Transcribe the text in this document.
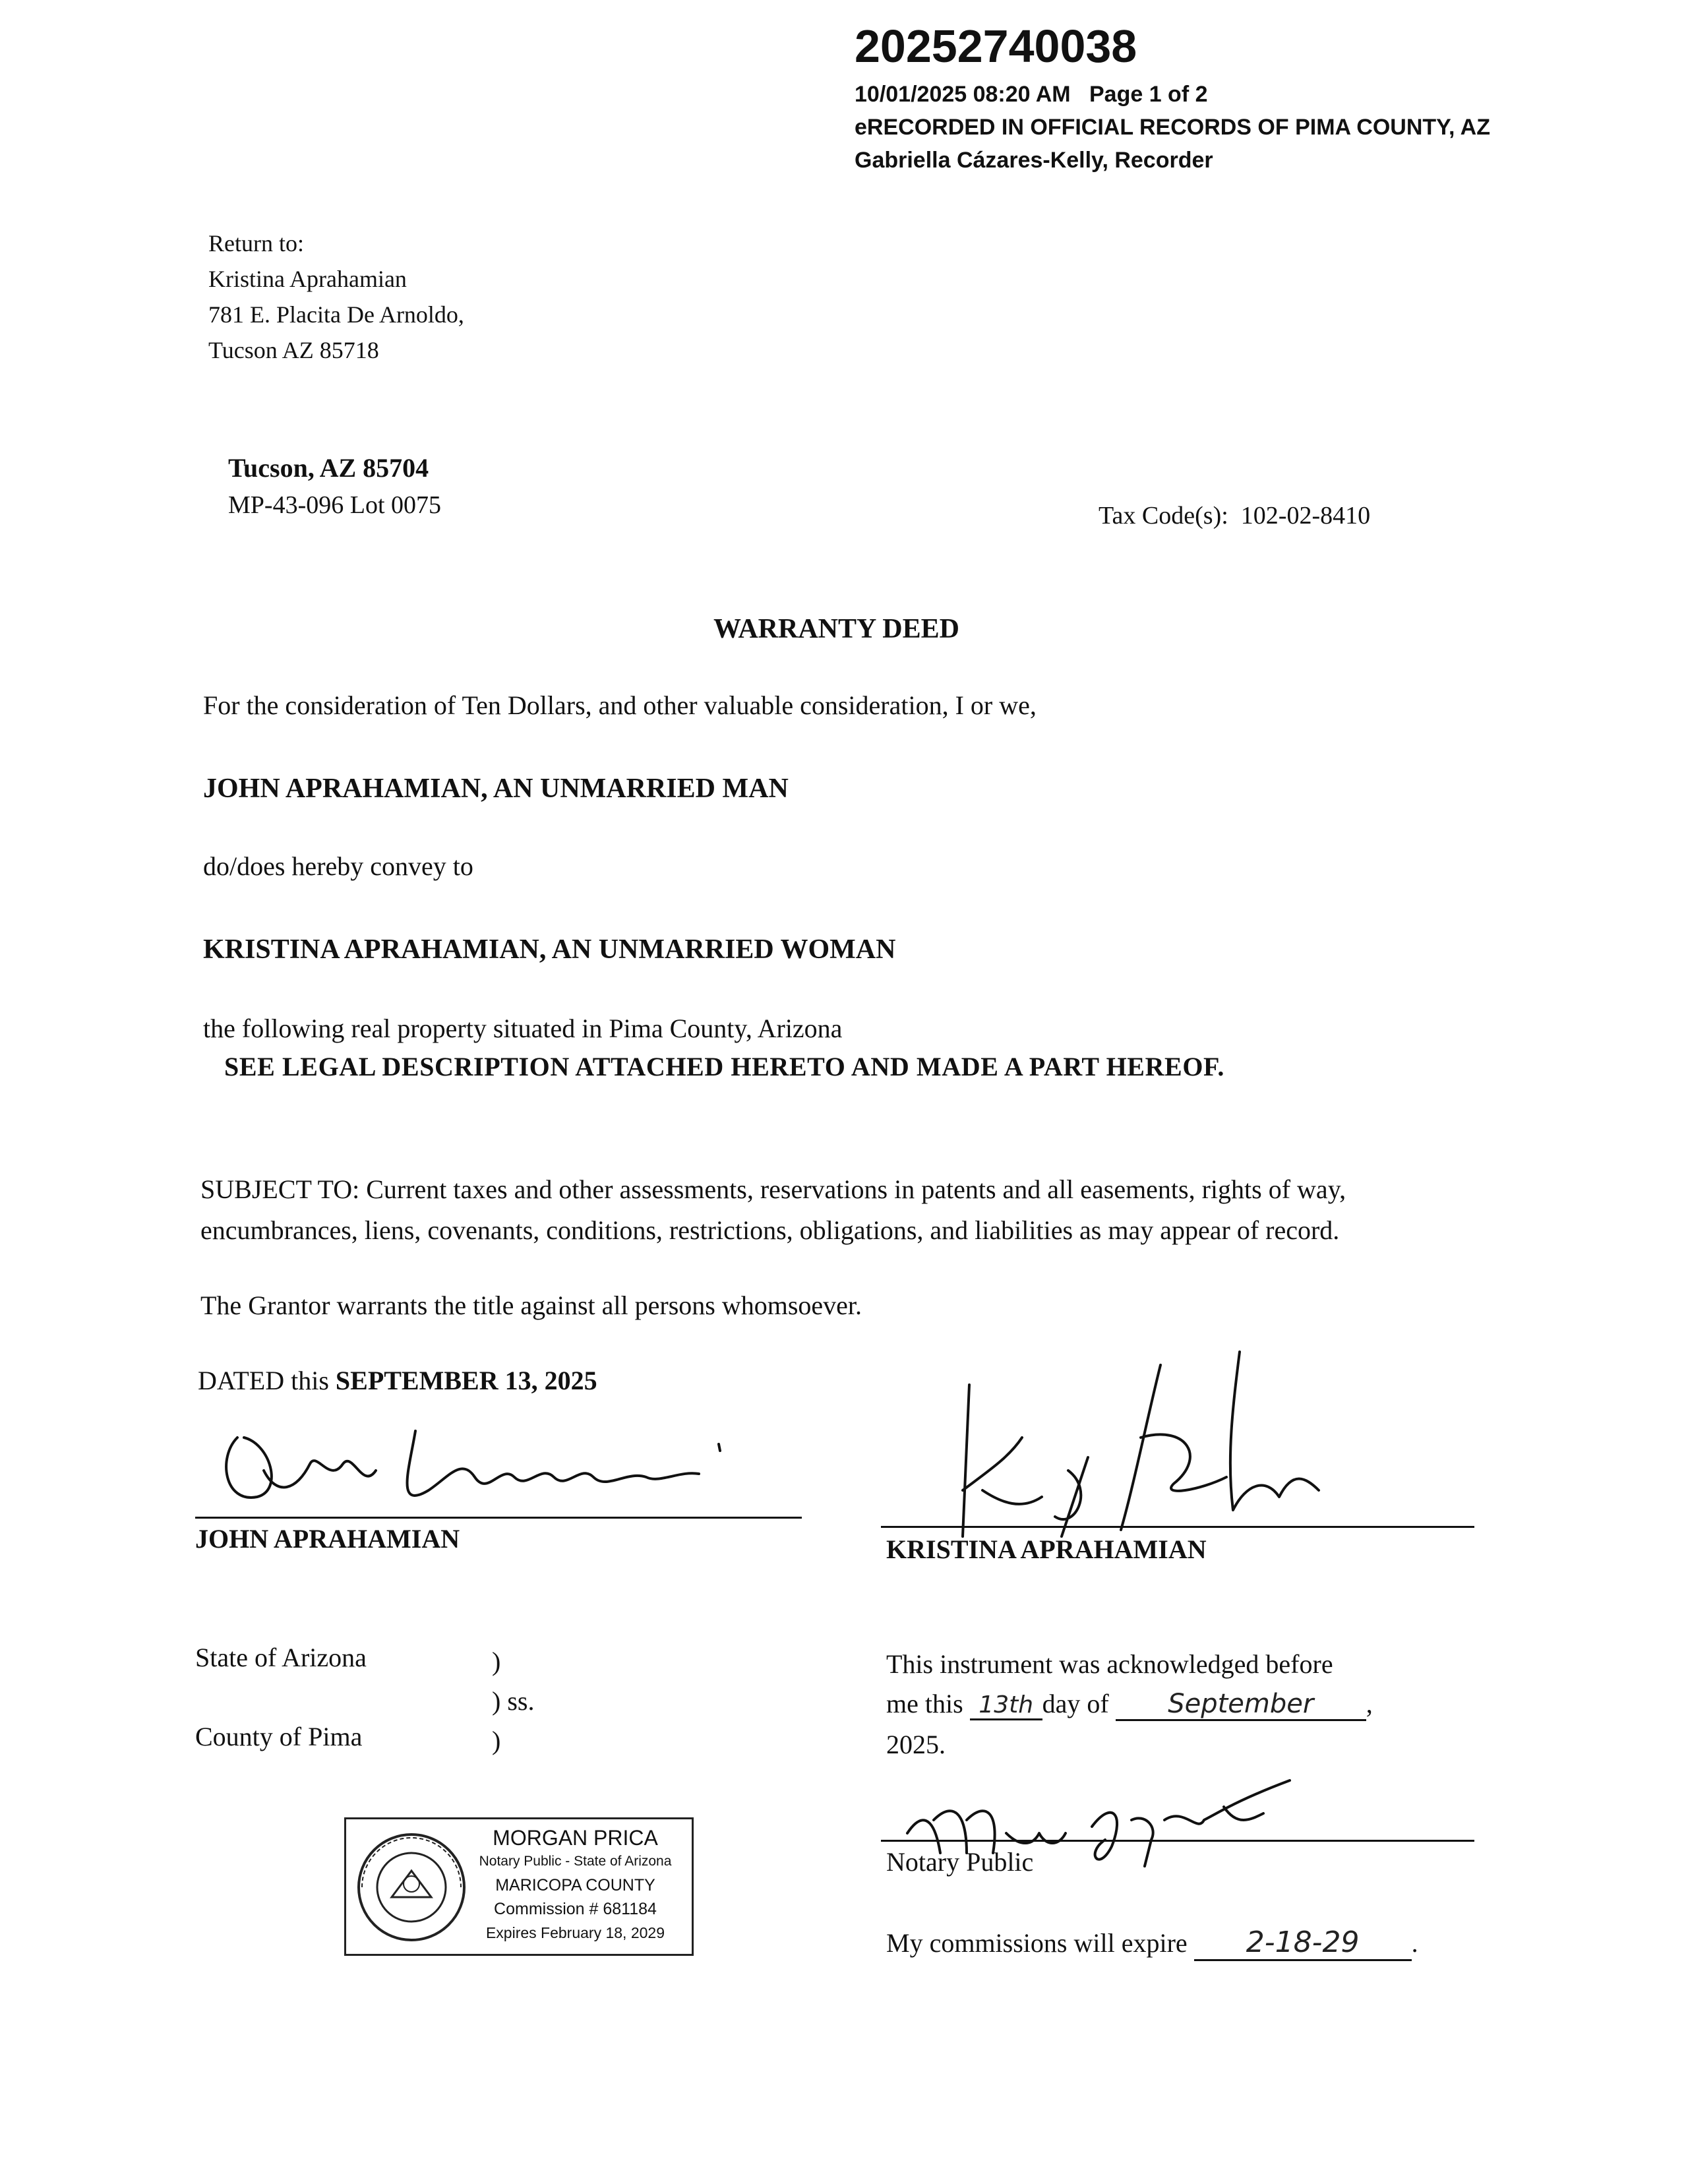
20252740038
10/01/2025 08:20 AM Page 1 of 2
eRECORDED IN OFFICIAL RECORDS OF PIMA COUNTY, AZ
Gabriella Cázares-Kelly, Recorder
Return to:
Kristina Aprahamian
781 E. Placita De Arnoldo,
Tucson AZ 85718
Tucson, AZ 85704
MP-43-096 Lot 0075	Tax Code(s): 102-02-8410
WARRANTY DEED
For the consideration of Ten Dollars, and other valuable consideration, I or we,
JOHN APRAHAMIAN, AN UNMARRIED MAN
do/does hereby convey to
KRISTINA APRAHAMIAN, AN UNMARRIED WOMAN
the following real property situated in Pima County, Arizona
SEE LEGAL DESCRIPTION ATTACHED HERETO AND MADE A PART HEREOF.
SUBJECT TO: Current taxes and other assessments, reservations in patents and all easements, rights of way,
encumbrances, liens, covenants, conditions, restrictions, obligations, and liabilities as may appear of record.
The Grantor warrants the title against all persons whomsoever.
DATED this SEPTEMBER 13, 2025
JOHN APRAHAMIAN	KRISTINA APRAHAMIAN
State of Arizona	)
) ss.
County of Pima	)
MORGAN PRICA
Notary Public - State of Arizona
MARICOPA COUNTY
Commission # 681184
Expires February 18, 2029
This instrument was acknowledged before
me this 13th day of September ,
2025.
Notary Public
My commissions will expire 2-18-29 .
